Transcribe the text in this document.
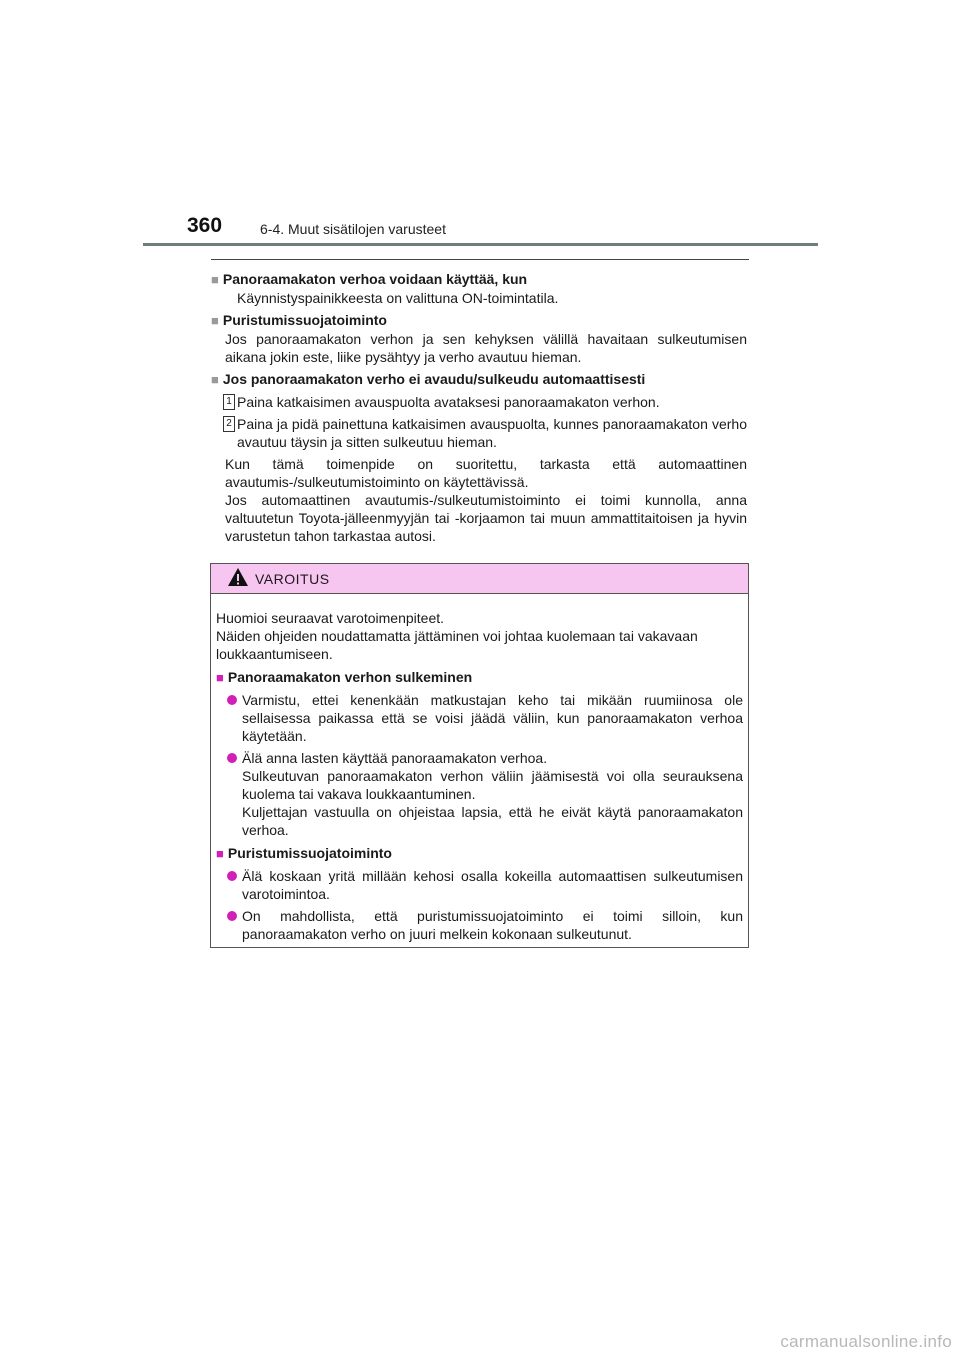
360	6-4. Muut sisätilojen varusteet
■ Panoraamakaton verhoa voidaan käyttää, kun
Käynnistyspainikkeesta on valittuna ON-toimintatila.
■ Puristumissuojatoiminto
Jos panoraamakaton verhon ja sen kehyksen välillä havaitaan sulkeutumisen aikana jokin este, liike pysähtyy ja verho avautuu hieman.
■ Jos panoraamakaton verho ei avaudu/sulkeudu automaattisesti
1 Paina katkaisimen avauspuolta avataksesi panoraamakaton verhon.
2 Paina ja pidä painettuna katkaisimen avauspuolta, kunnes panoraamakaton verho avautuu täysin ja sitten sulkeutuu hieman.
Kun tämä toimenpide on suoritettu, tarkasta että automaattinen avautumis-/sulkeutumistoiminto on käytettävissä.
Jos automaattinen avautumis-/sulkeutumistoiminto ei toimi kunnolla, anna valtuutetun Toyota-jälleenmyyjän tai -korjaamon tai muun ammattitaitoisen ja hyvin varustetun tahon tarkastaa autosi.
VAROITUS
Huomioi seuraavat varotoimenpiteet.
Näiden ohjeiden noudattamatta jättäminen voi johtaa kuolemaan tai vakavaan loukkaantumiseen.
■ Panoraamakaton verhon sulkeminen
Varmistu, ettei kenenkään matkustajan keho tai mikään ruumiinosa ole sellaisessa paikassa että se voisi jäädä väliin, kun panoraamakaton verhoa käytetään.
Älä anna lasten käyttää panoraamakaton verhoa.
Sulkeutuvan panoraamakaton verhon väliin jäämisestä voi olla seurauksena kuolema tai vakava loukkaantuminen.
Kuljettajan vastuulla on ohjeistaa lapsia, että he eivät käytä panoraamakaton verhoa.
■ Puristumissuojatoiminto
Älä koskaan yritä millään kehosi osalla kokeilla automaattisen sulkeutumisen varotoimintoa.
On mahdollista, että puristumissuojatoiminto ei toimi silloin, kun panoraamakaton verho on juuri melkein kokonaan sulkeutunut.
carmanualsonline.info
